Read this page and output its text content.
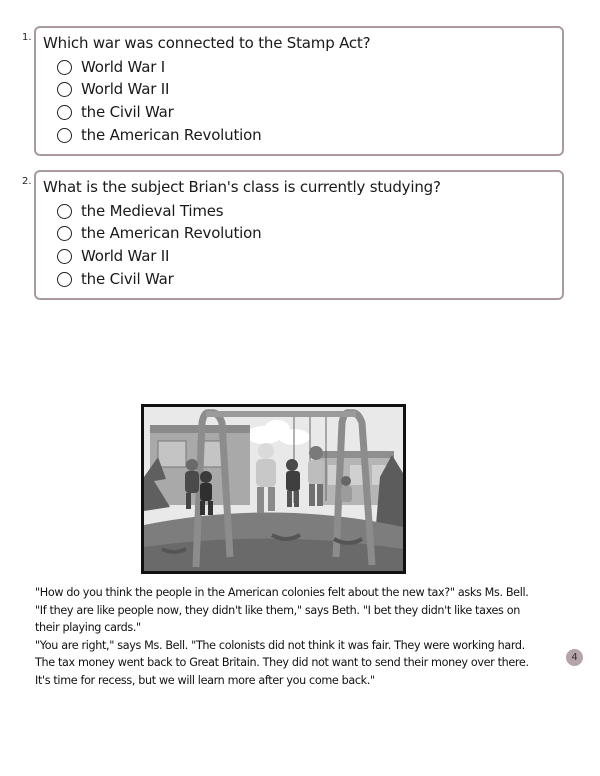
1. Which war was connected to the Stamp Act?
World War I
World War II
the Civil War
the American Revolution
2. What is the subject Brian's class is currently studying?
the Medieval Times
the American Revolution
World War II
the Civil War

"How do you think the people in the American colonies felt about the new tax?" asks Ms. Bell.

"If they are like people now, they didn't like them," says Beth. "I bet they didn't like taxes on

their playing cards."

"You are right," says Ms. Bell. "The colonists did not think it was fair. They were working hard.

The tax money went back to Great Britain. They did not want to send their money over there.

It's time for recess, but we will learn more after you come back."

4
